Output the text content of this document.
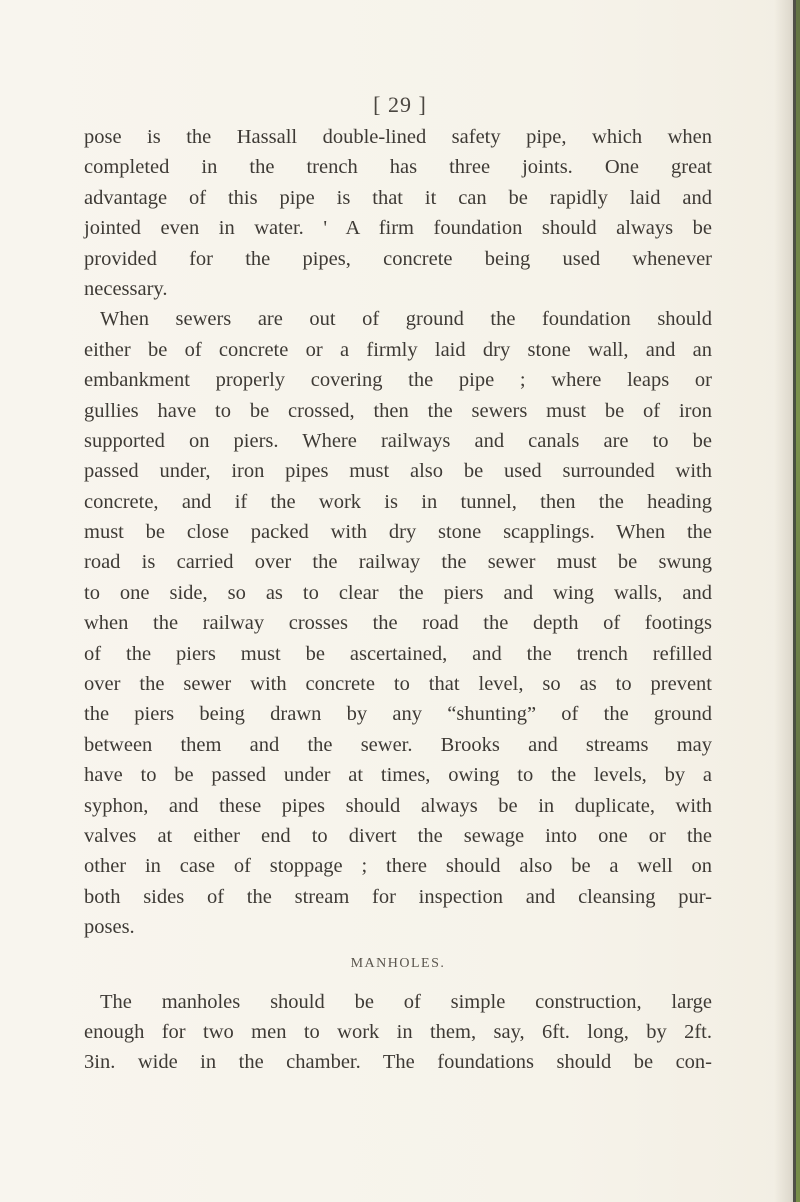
[ 29 ]
pose is the Hassall double-lined safety pipe, which when
completed in the trench has three joints. One great
advantage of this pipe is that it can be rapidly laid and
jointed even in water. ' A firm foundation should always be
provided for the pipes, concrete being used whenever
necessary.
When sewers are out of ground the foundation should
either be of concrete or a firmly laid dry stone wall, and an
embankment properly covering the pipe ; where leaps or
gullies have to be crossed, then the sewers must be of iron
supported on piers. Where railways and canals are to be
passed under, iron pipes must also be used surrounded with
concrete, and if the work is in tunnel, then the heading
must be close packed with dry stone scapplings. When the
road is carried over the railway the sewer must be swung
to one side, so as to clear the piers and wing walls, and
when the railway crosses the road the depth of footings
of the piers must be ascertained, and the trench refilled
over the sewer with concrete to that level, so as to prevent
the piers being drawn by any “shunting” of the ground
between them and the sewer. Brooks and streams may
have to be passed under at times, owing to the levels, by a
syphon, and these pipes should always be in duplicate, with
valves at either end to divert the sewage into one or the
other in case of stoppage ; there should also be a well on
both sides of the stream for inspection and cleansing pur-
poses.
MANHOLES.
The manholes should be of simple construction, large
enough for two men to work in them, say, 6ft. long, by 2ft.
3in. wide in the chamber. The foundations should be con-
